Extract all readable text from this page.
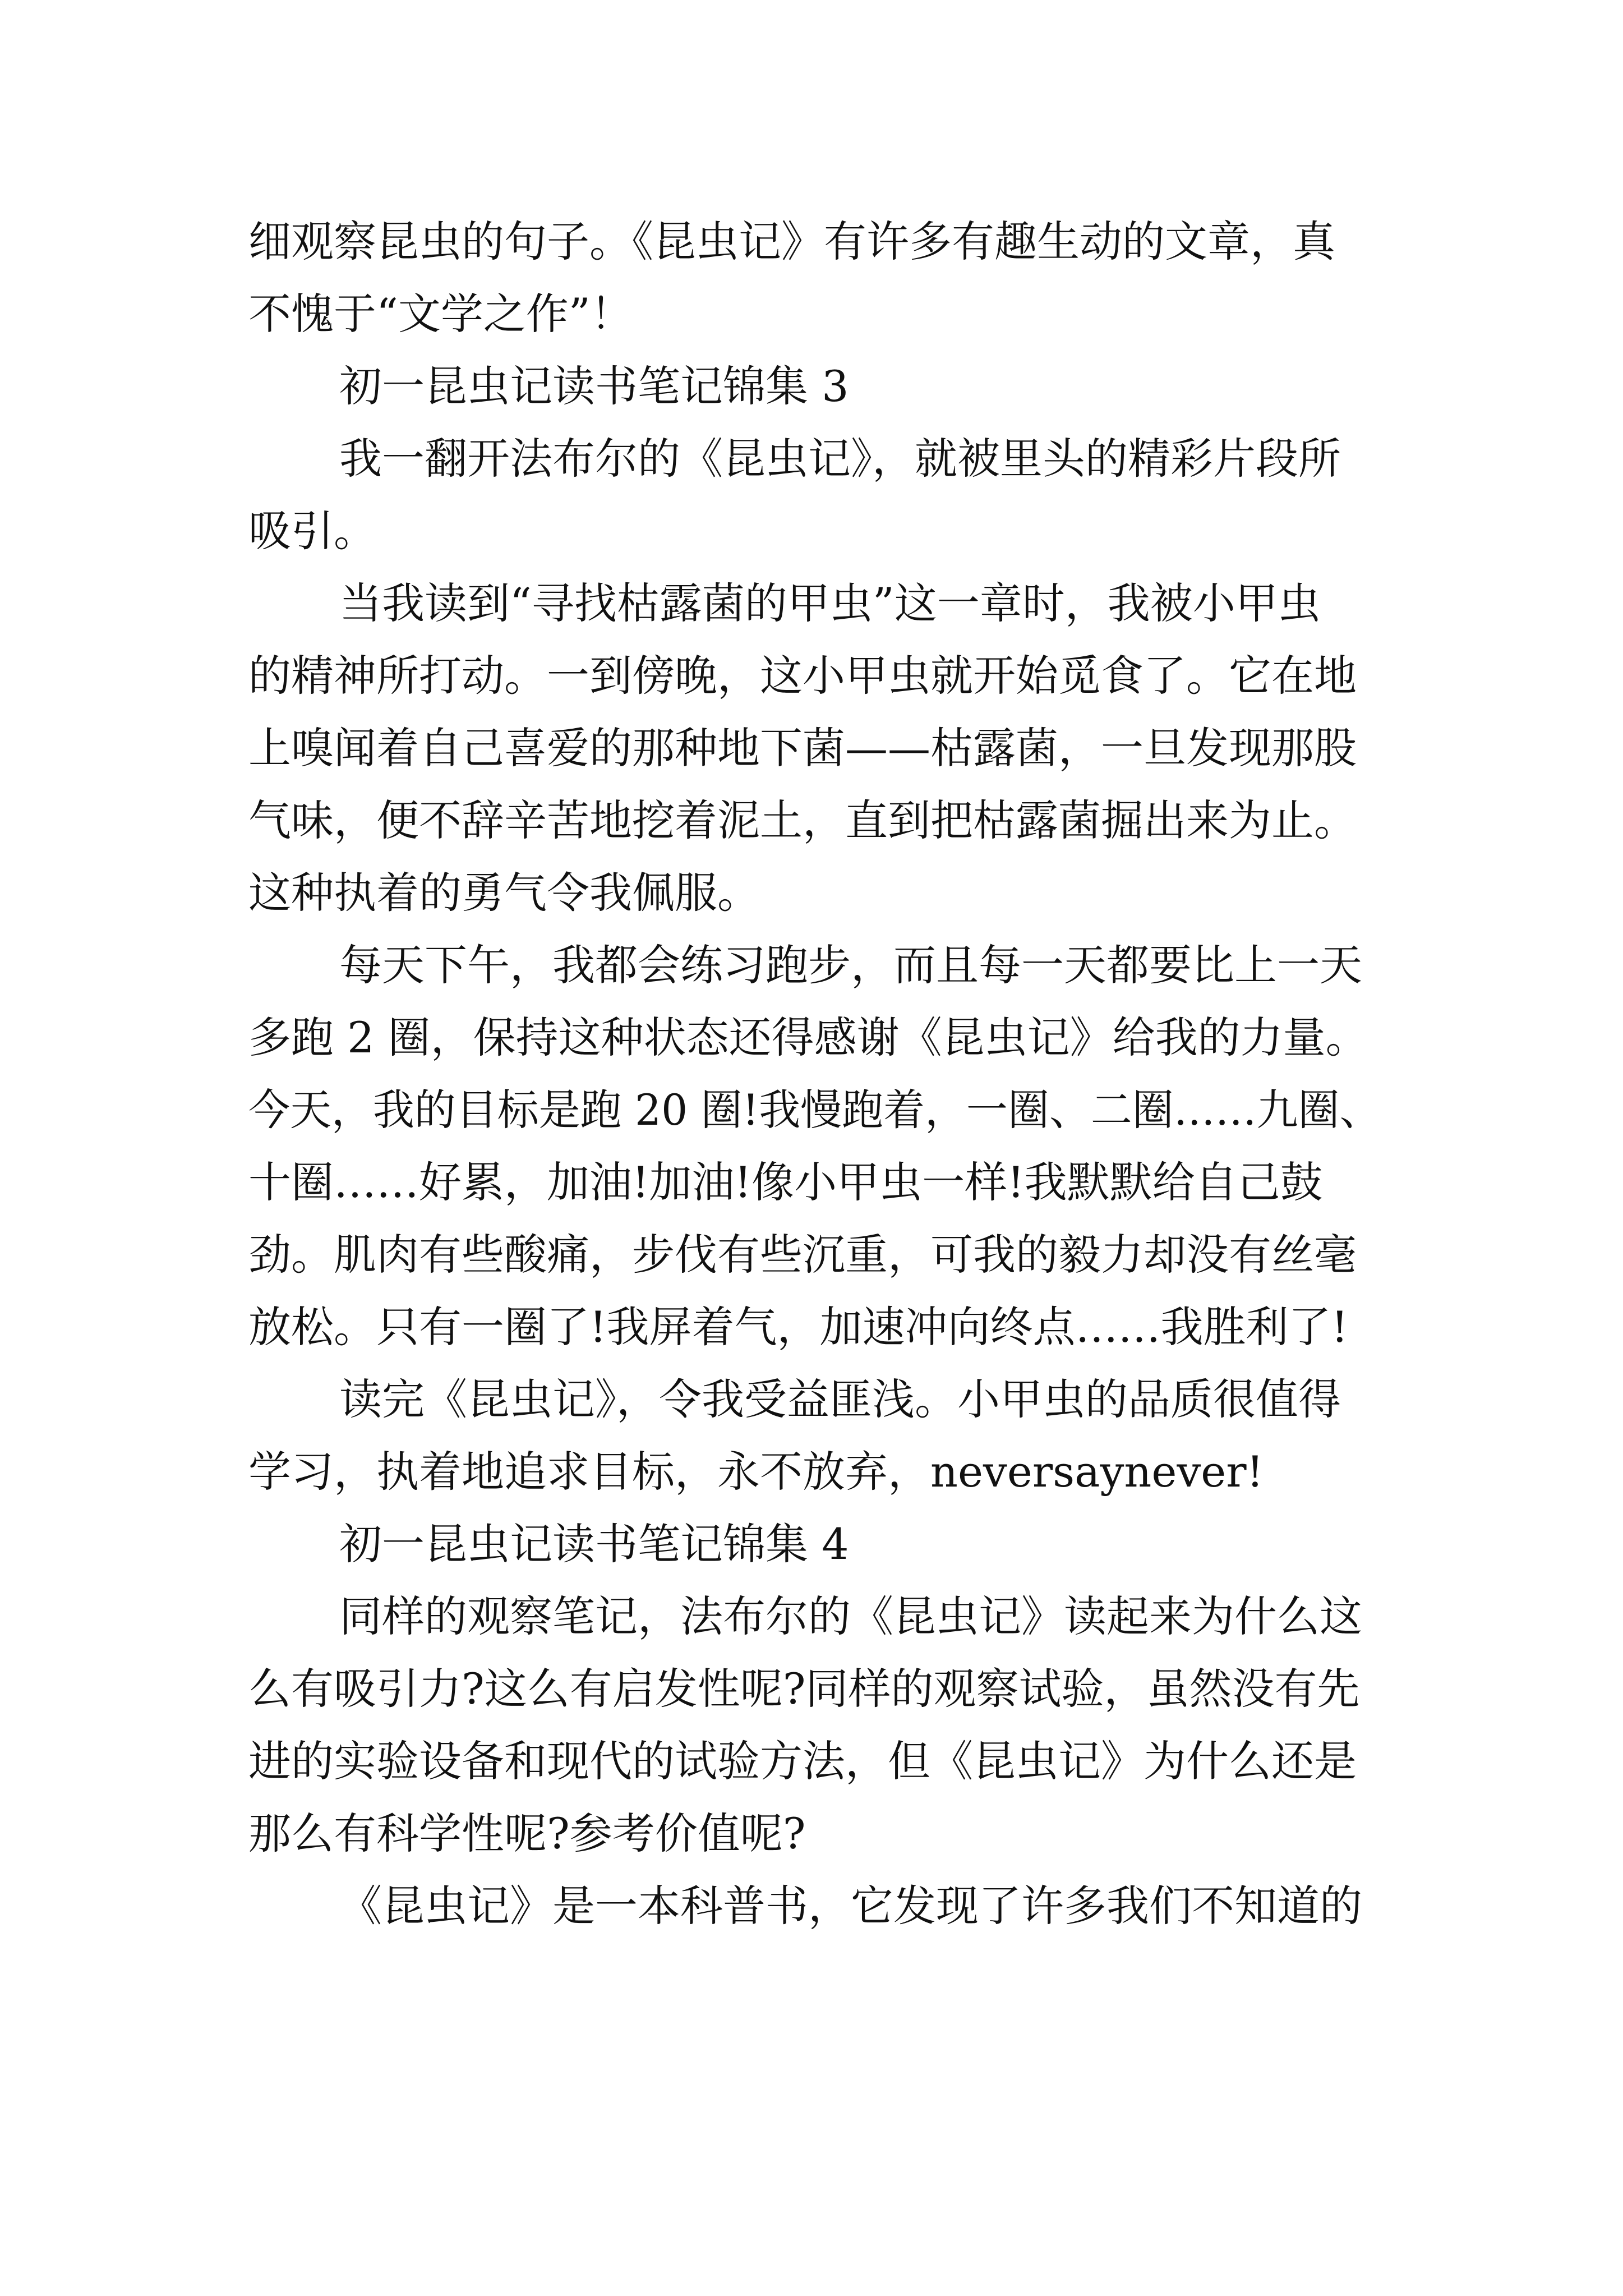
细观察昆虫的句子。《昆虫记》有许多有趣生动的文章，真
不愧于“文学之作”！
初一昆虫记读书笔记锦集 3
我一翻开法布尔的《昆虫记》，就被里头的精彩片段所
吸引。
当我读到“寻找枯露菌的甲虫”这一章时，我被小甲虫
的精神所打动。一到傍晚，这小甲虫就开始觅食了。它在地
上嗅闻着自己喜爱的那种地下菌——枯露菌，一旦发现那股
气味，便不辞辛苦地挖着泥土，直到把枯露菌掘出来为止。
这种执着的勇气令我佩服。
每天下午，我都会练习跑步，而且每一天都要比上一天
多跑 2 圈，保持这种状态还得感谢《昆虫记》给我的力量。
今天，我的目标是跑 20 圈!我慢跑着，一圈、二圈……九圈、
十圈……好累，加油!加油!像小甲虫一样!我默默给自己鼓
劲。肌肉有些酸痛，步伐有些沉重，可我的毅力却没有丝毫
放松。只有一圈了!我屏着气，加速冲向终点……我胜利了!
读完《昆虫记》，令我受益匪浅。小甲虫的品质很值得
学习，执着地追求目标，永不放弃，neversaynever!
初一昆虫记读书笔记锦集 4
同样的观察笔记，法布尔的《昆虫记》读起来为什么这
么有吸引力?这么有启发性呢?同样的观察试验，虽然没有先
进的实验设备和现代的试验方法，但《昆虫记》为什么还是
那么有科学性呢?参考价值呢?
《昆虫记》是一本科普书，它发现了许多我们不知道的
